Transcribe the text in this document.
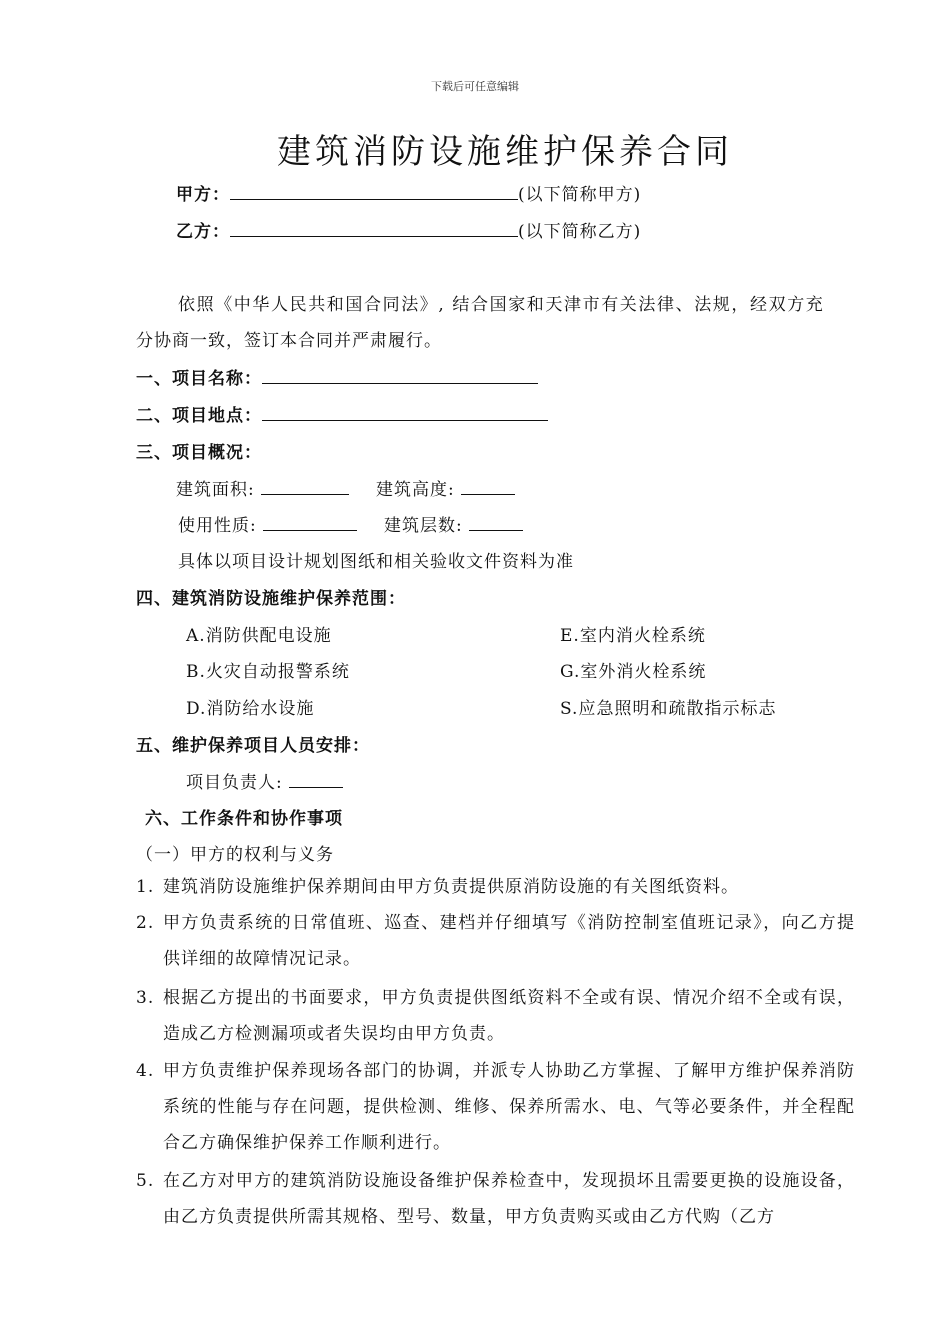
下载后可任意编辑
建筑消防设施维护保养合同
甲方：	(以下简称甲方)
乙方：	(以下简称乙方)
依照《中华人民共和国合同法》, 结合国家和天津市有关法律、法规，经双方充
分协商一致，签订本合同并严肃履行。
一、项目名称：
二、项目地点：
三、项目概况：
建筑面积:	建筑高度:
使用性质:	建筑层数:
具体以项目设计规划图纸和相关验收文件资料为准
四、建筑消防设施维护保养范围：
A.消防供配电设施	E.室内消火栓系统
B.火灾自动报警系统	G.室外消火栓系统
D.消防给水设施	S.应急照明和疏散指示标志
五、维护保养项目人员安排：
项目负责人:
六、工作条件和协作事项
（一）甲方的权利与义务
1. 建筑消防设施维护保养期间由甲方负责提供原消防设施的有关图纸资料。
2. 甲方负责系统的日常值班、巡查、建档并仔细填写《消防控制室值班记录》，向乙方提供详细的故障情况记录。
3. 根据乙方提出的书面要求，甲方负责提供图纸资料不全或有误、情况介绍不全或有误，造成乙方检测漏项或者失误均由甲方负责。
4. 甲方负责维护保养现场各部门的协调，并派专人协助乙方掌握、了解甲方维护保养消防系统的性能与存在问题，提供检测、维修、保养所需水、电、气等必要条件，并全程配合乙方确保维护保养工作顺利进行。
5. 在乙方对甲方的建筑消防设施设备维护保养检查中，发现损坏且需要更换的设施设备，由乙方负责提供所需其规格、型号、数量，甲方负责购买或由乙方代购（乙方
